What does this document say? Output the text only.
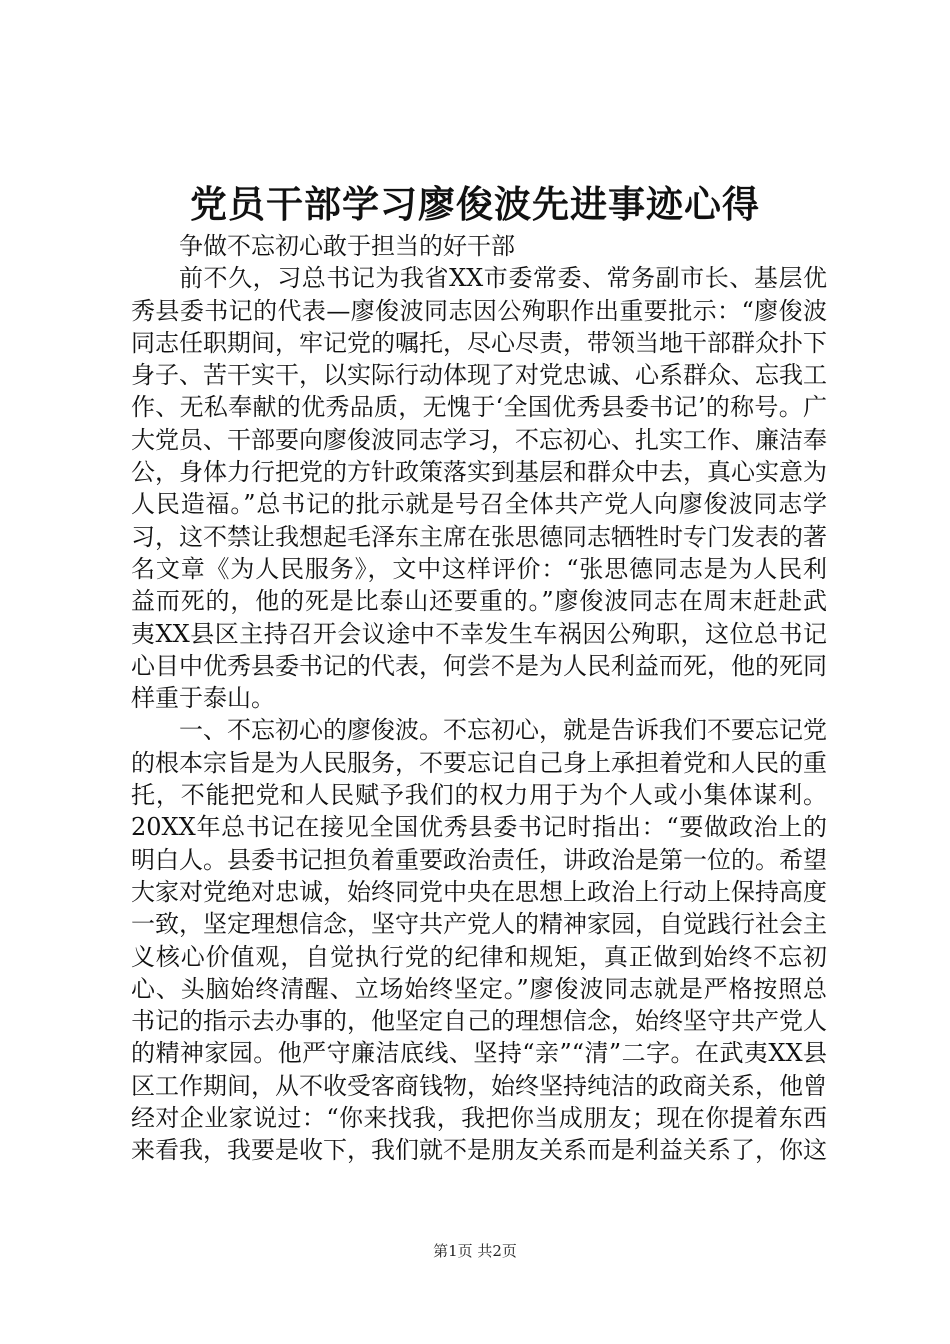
党员干部学习廖俊波先进事迹心得

争做不忘初心敢于担当的好干部

前不久，习总书记为我省XX市委常委、常务副市长、基层优秀县委书记的代表—廖俊波同志因公殉职作出重要批示：“廖俊波同志任职期间，牢记党的嘱托，尽心尽责，带领当地干部群众扑下身子、苦干实干，以实际行动体现了对党忠诚、心系群众、忘我工作、无私奉献的优秀品质，无愧于‘全国优秀县委书记’的称号。广大党员、干部要向廖俊波同志学习，不忘初心、扎实工作、廉洁奉公，身体力行把党的方针政策落实到基层和群众中去，真心实意为人民造福。”总书记的批示就是号召全体共产党人向廖俊波同志学习，这不禁让我想起毛泽东主席在张思德同志牺牲时专门发表的著名文章《为人民服务》，文中这样评价：“张思德同志是为人民利益而死的，他的死是比泰山还要重的。”廖俊波同志在周末赶赴武夷XX县区主持召开会议途中不幸发生车祸因公殉职，这位总书记心目中优秀县委书记的代表，何尝不是为人民利益而死，他的死同样重于泰山。

一、不忘初心的廖俊波。不忘初心，就是告诉我们不要忘记党的根本宗旨是为人民服务，不要忘记自己身上承担着党和人民的重托，不能把党和人民赋予我们的权力用于为个人或小集体谋利。20XX年总书记在接见全国优秀县委书记时指出：“要做政治上的明白人。县委书记担负着重要政治责任，讲政治是第一位的。希望大家对党绝对忠诚，始终同党中央在思想上政治上行动上保持高度一致，坚定理想信念，坚守共产党人的精神家园，自觉践行社会主义核心价值观，自觉执行党的纪律和规矩，真正做到始终不忘初心、头脑始终清醒、立场始终坚定。”廖俊波同志就是严格按照总书记的指示去办事的，他坚定自己的理想信念，始终坚守共产党人的精神家园。他严守廉洁底线、坚持“亲”“清”二字。在武夷XX县区工作期间，从不收受客商钱物，始终坚持纯洁的政商关系，他曾经对企业家说过：“你来找我，我把你当成朋友；现在你提着东西来看我，我要是收下，我们就不是朋友关系而是利益关系了，你这

第1页 共2页
